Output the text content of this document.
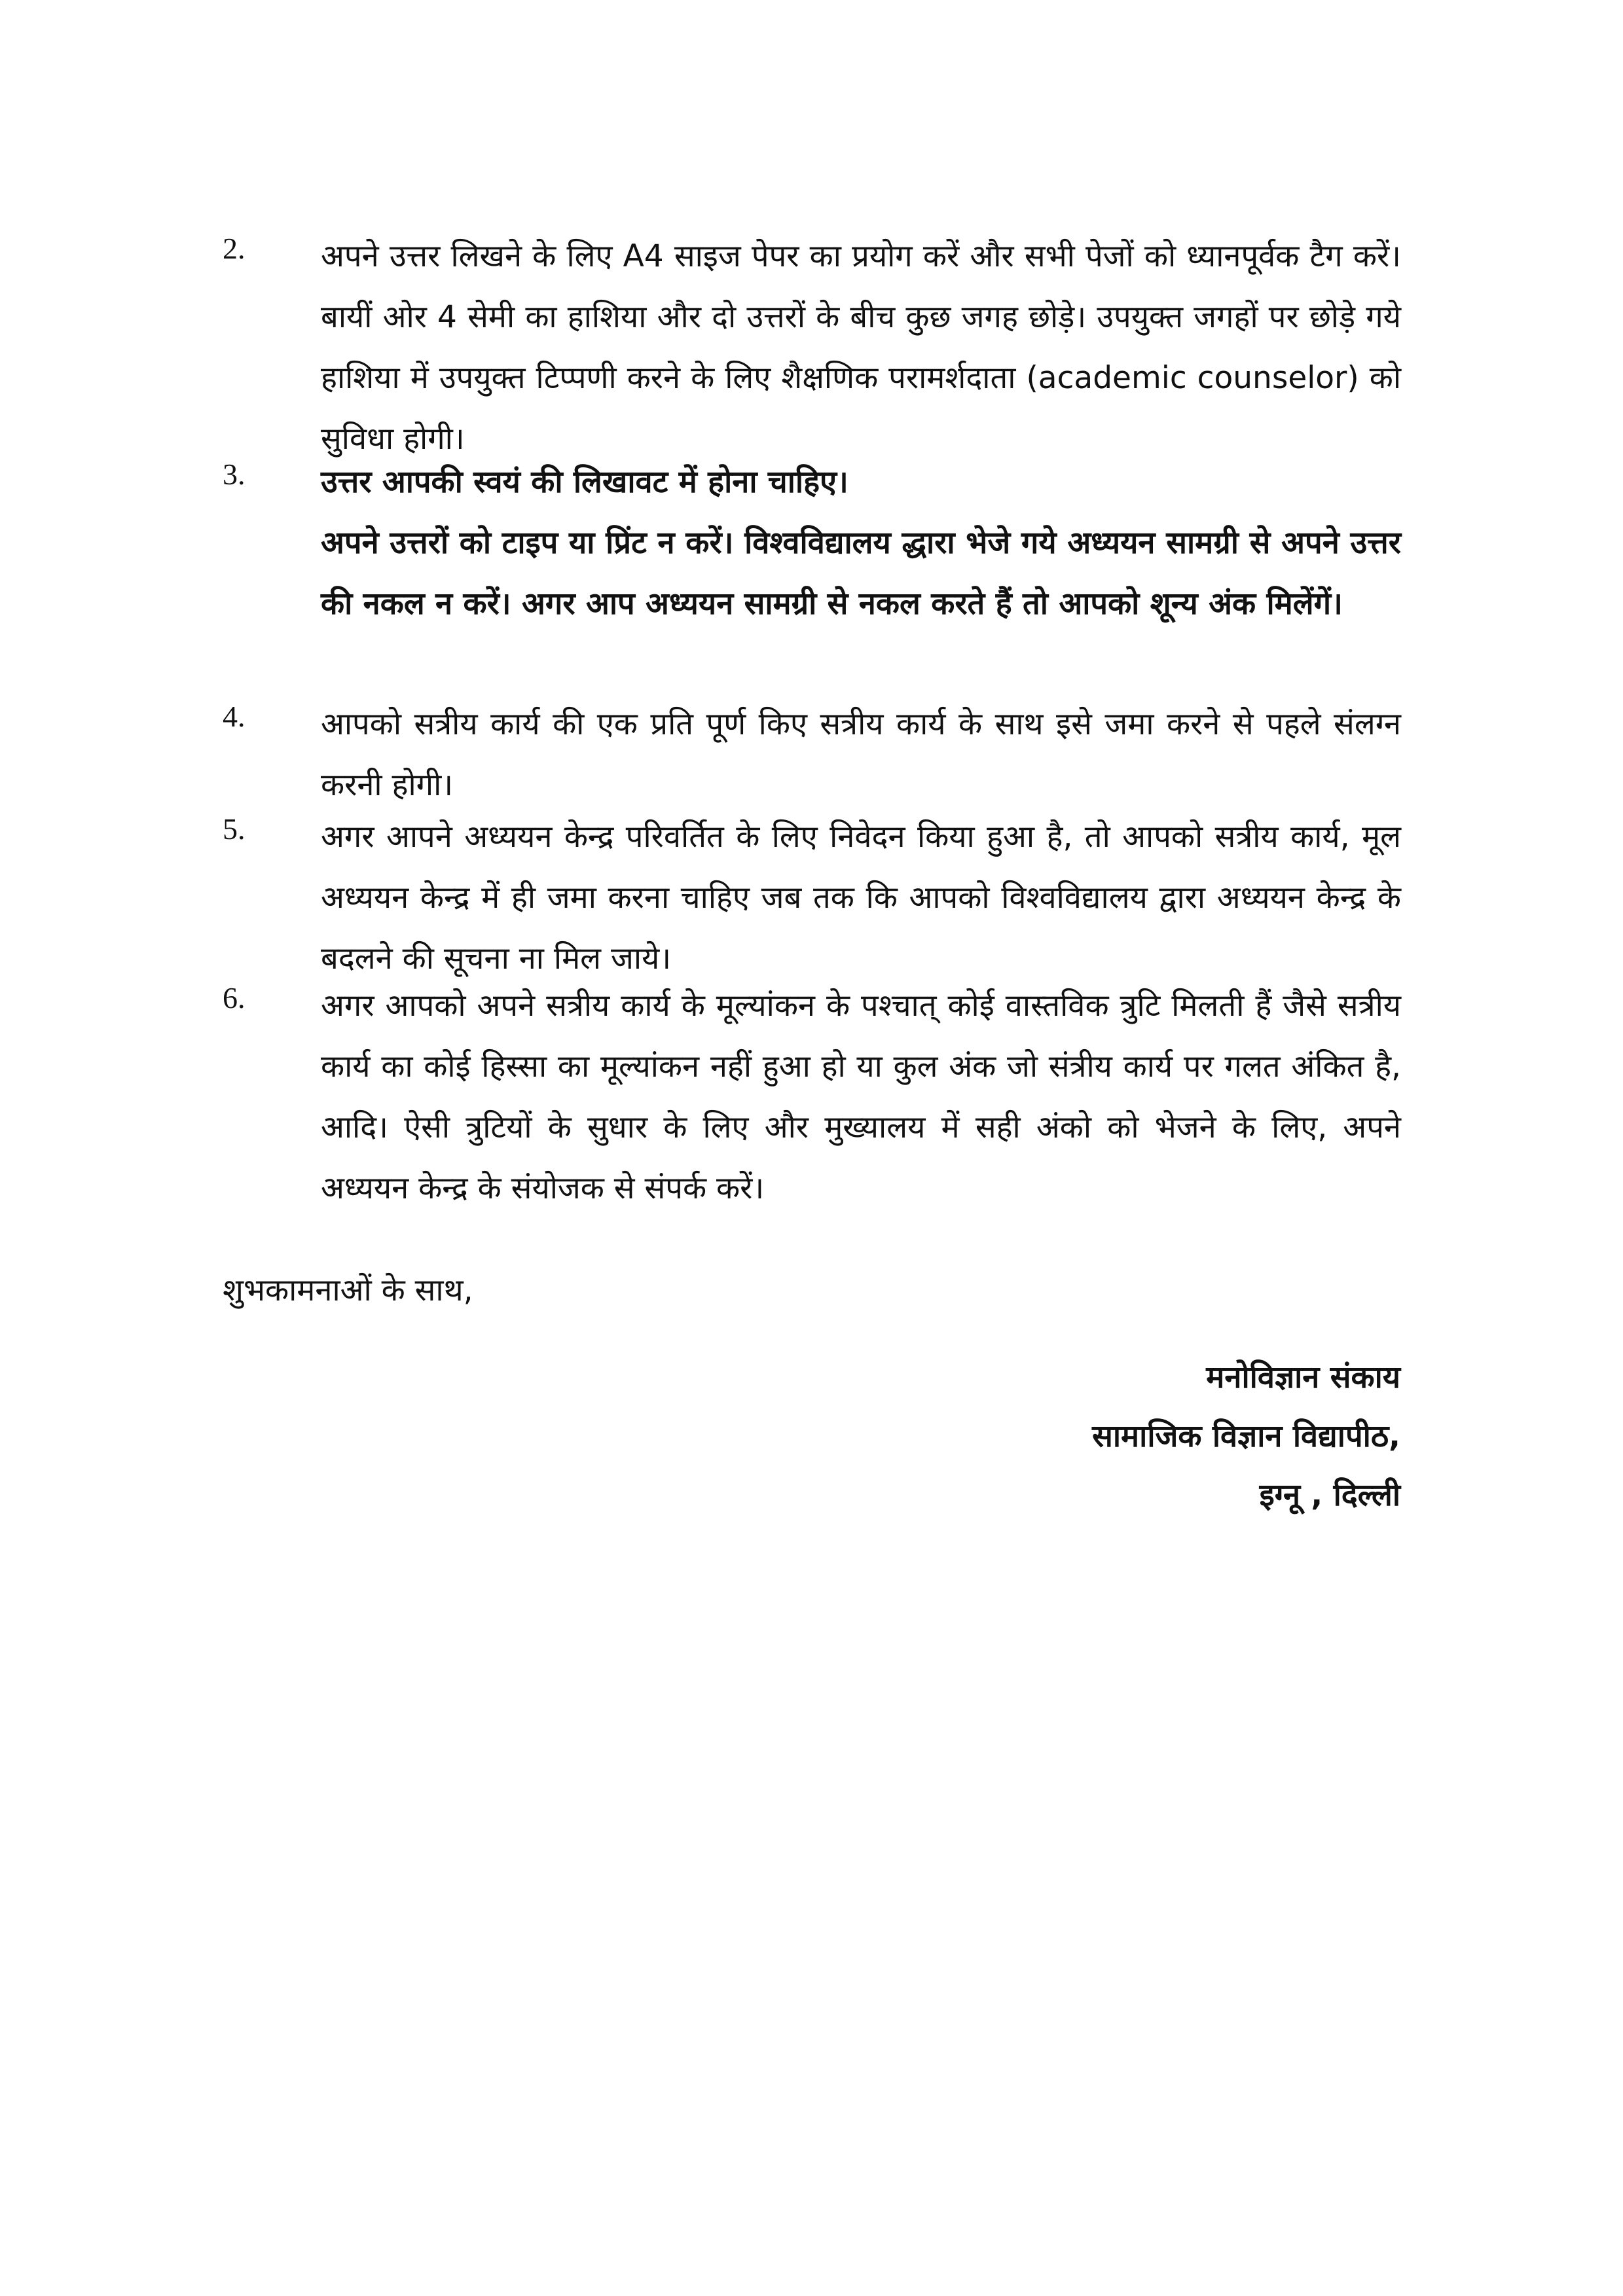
2. अपने उत्तर लिखने के लिए A4 साइज पेपर का प्रयोग करें और सभी पेजों को ध्यानपूर्वक टैग करें। बायीं ओर 4 सेमी का हाशिया और दो उत्तरों के बीच कुछ जगह छोड़े। उपयुक्त जगहों पर छोड़े गये हाशिया में उपयुक्त टिप्पणी करने के लिए शैक्षणिक परामर्शदाता (academic counselor) को सुविधा होगी।
3. उत्तर आपकी स्वयं की लिखावट में होना चाहिए।
अपने उत्तरों को टाइप या प्रिंट न करें। विश्वविद्यालय द्धारा भेजे गये अध्ययन सामग्री से अपने उत्तर की नकल न करें। अगर आप अध्ययन सामग्री से नकल करते हैं तो आपको शून्य अंक मिलेंगें।
4. आपको सत्रीय कार्य की एक प्रति पूर्ण किए सत्रीय कार्य के साथ इसे जमा करने से पहले संलग्न करनी होगी।
5. अगर आपने अध्ययन केन्द्र परिवर्तित के लिए निवेदन किया हुआ है, तो आपको सत्रीय कार्य, मूल अध्ययन केन्द्र में ही जमा करना चाहिए जब तक कि आपको विश्वविद्यालय द्वारा अध्ययन केन्द्र के बदलने की सूचना ना मिल जाये।
6. अगर आपको अपने सत्रीय कार्य के मूल्यांकन के पश्चात् कोई वास्तविक त्रुटि मिलती हैं जैसे सत्रीय कार्य का कोई हिस्सा का मूल्यांकन नहीं हुआ हो या कुल अंक जो संत्रीय कार्य पर गलत अंकित है, आदि। ऐसी त्रुटियों के सुधार के लिए और मुख्यालय में सही अंको को भेजने के लिए, अपने अध्ययन केन्द्र के संयोजक से संपर्क करें।
शुभकामनाओं के साथ,
मनोविज्ञान संकाय
सामाजिक विज्ञान विद्यापीठ,
इग्नू , दिल्ली
